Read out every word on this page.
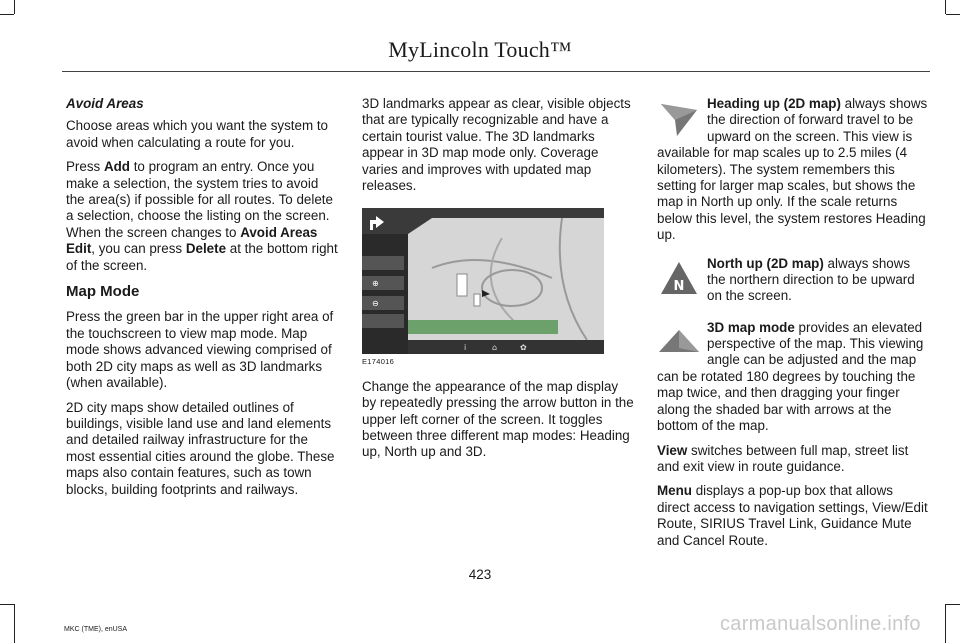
MyLincoln Touch™

Avoid Areas

Choose areas which you want the system to avoid when calculating a route for you.

Press Add to program an entry. Once you make a selection, the system tries to avoid the area(s) if possible for all routes. To delete a selection, choose the listing on the screen. When the screen changes to Avoid Areas Edit, you can press Delete at the bottom right of the screen.

Map Mode

Press the green bar in the upper right area of the touchscreen to view map mode. Map mode shows advanced viewing comprised of both 2D city maps as well as 3D landmarks (when available).

2D city maps show detailed outlines of buildings, visible land use and land elements and detailed railway infrastructure for the most essential cities around the globe. These maps also contain features, such as town blocks, building footprints and railways.

3D landmarks appear as clear, visible objects that are typically recognizable and have a certain tourist value. The 3D landmarks appear in 3D map mode only. Coverage varies and improves with updated map releases.

⊕
⊖
i	⌂	✿

E174016

Change the appearance of the map display by repeatedly pressing the arrow button in the upper left corner of the screen. It toggles between three different map modes: Heading up, North up and 3D.

Heading up (2D map) always shows the direction of forward travel to be upward on the screen. This view is available for map scales up to 2.5 miles (4 kilometers). The system remembers this setting for larger map scales, but shows the map in North up only. If the scale returns below this level, the system restores Heading up.
N
North up (2D map) always shows the northern direction to be upward on the screen.
3D map mode provides an elevated perspective of the map. This viewing angle can be adjusted and the map can be rotated 180 degrees by touching the map twice, and then dragging your finger along the shaded bar with arrows at the bottom of the map.

View switches between full map, street list and exit view in route guidance.

Menu displays a pop-up box that allows direct access to navigation settings, View/Edit Route, SIRIUS Travel Link, Guidance Mute and Cancel Route.

423
MKC (TME), enUSA	carmanualsonline.info
